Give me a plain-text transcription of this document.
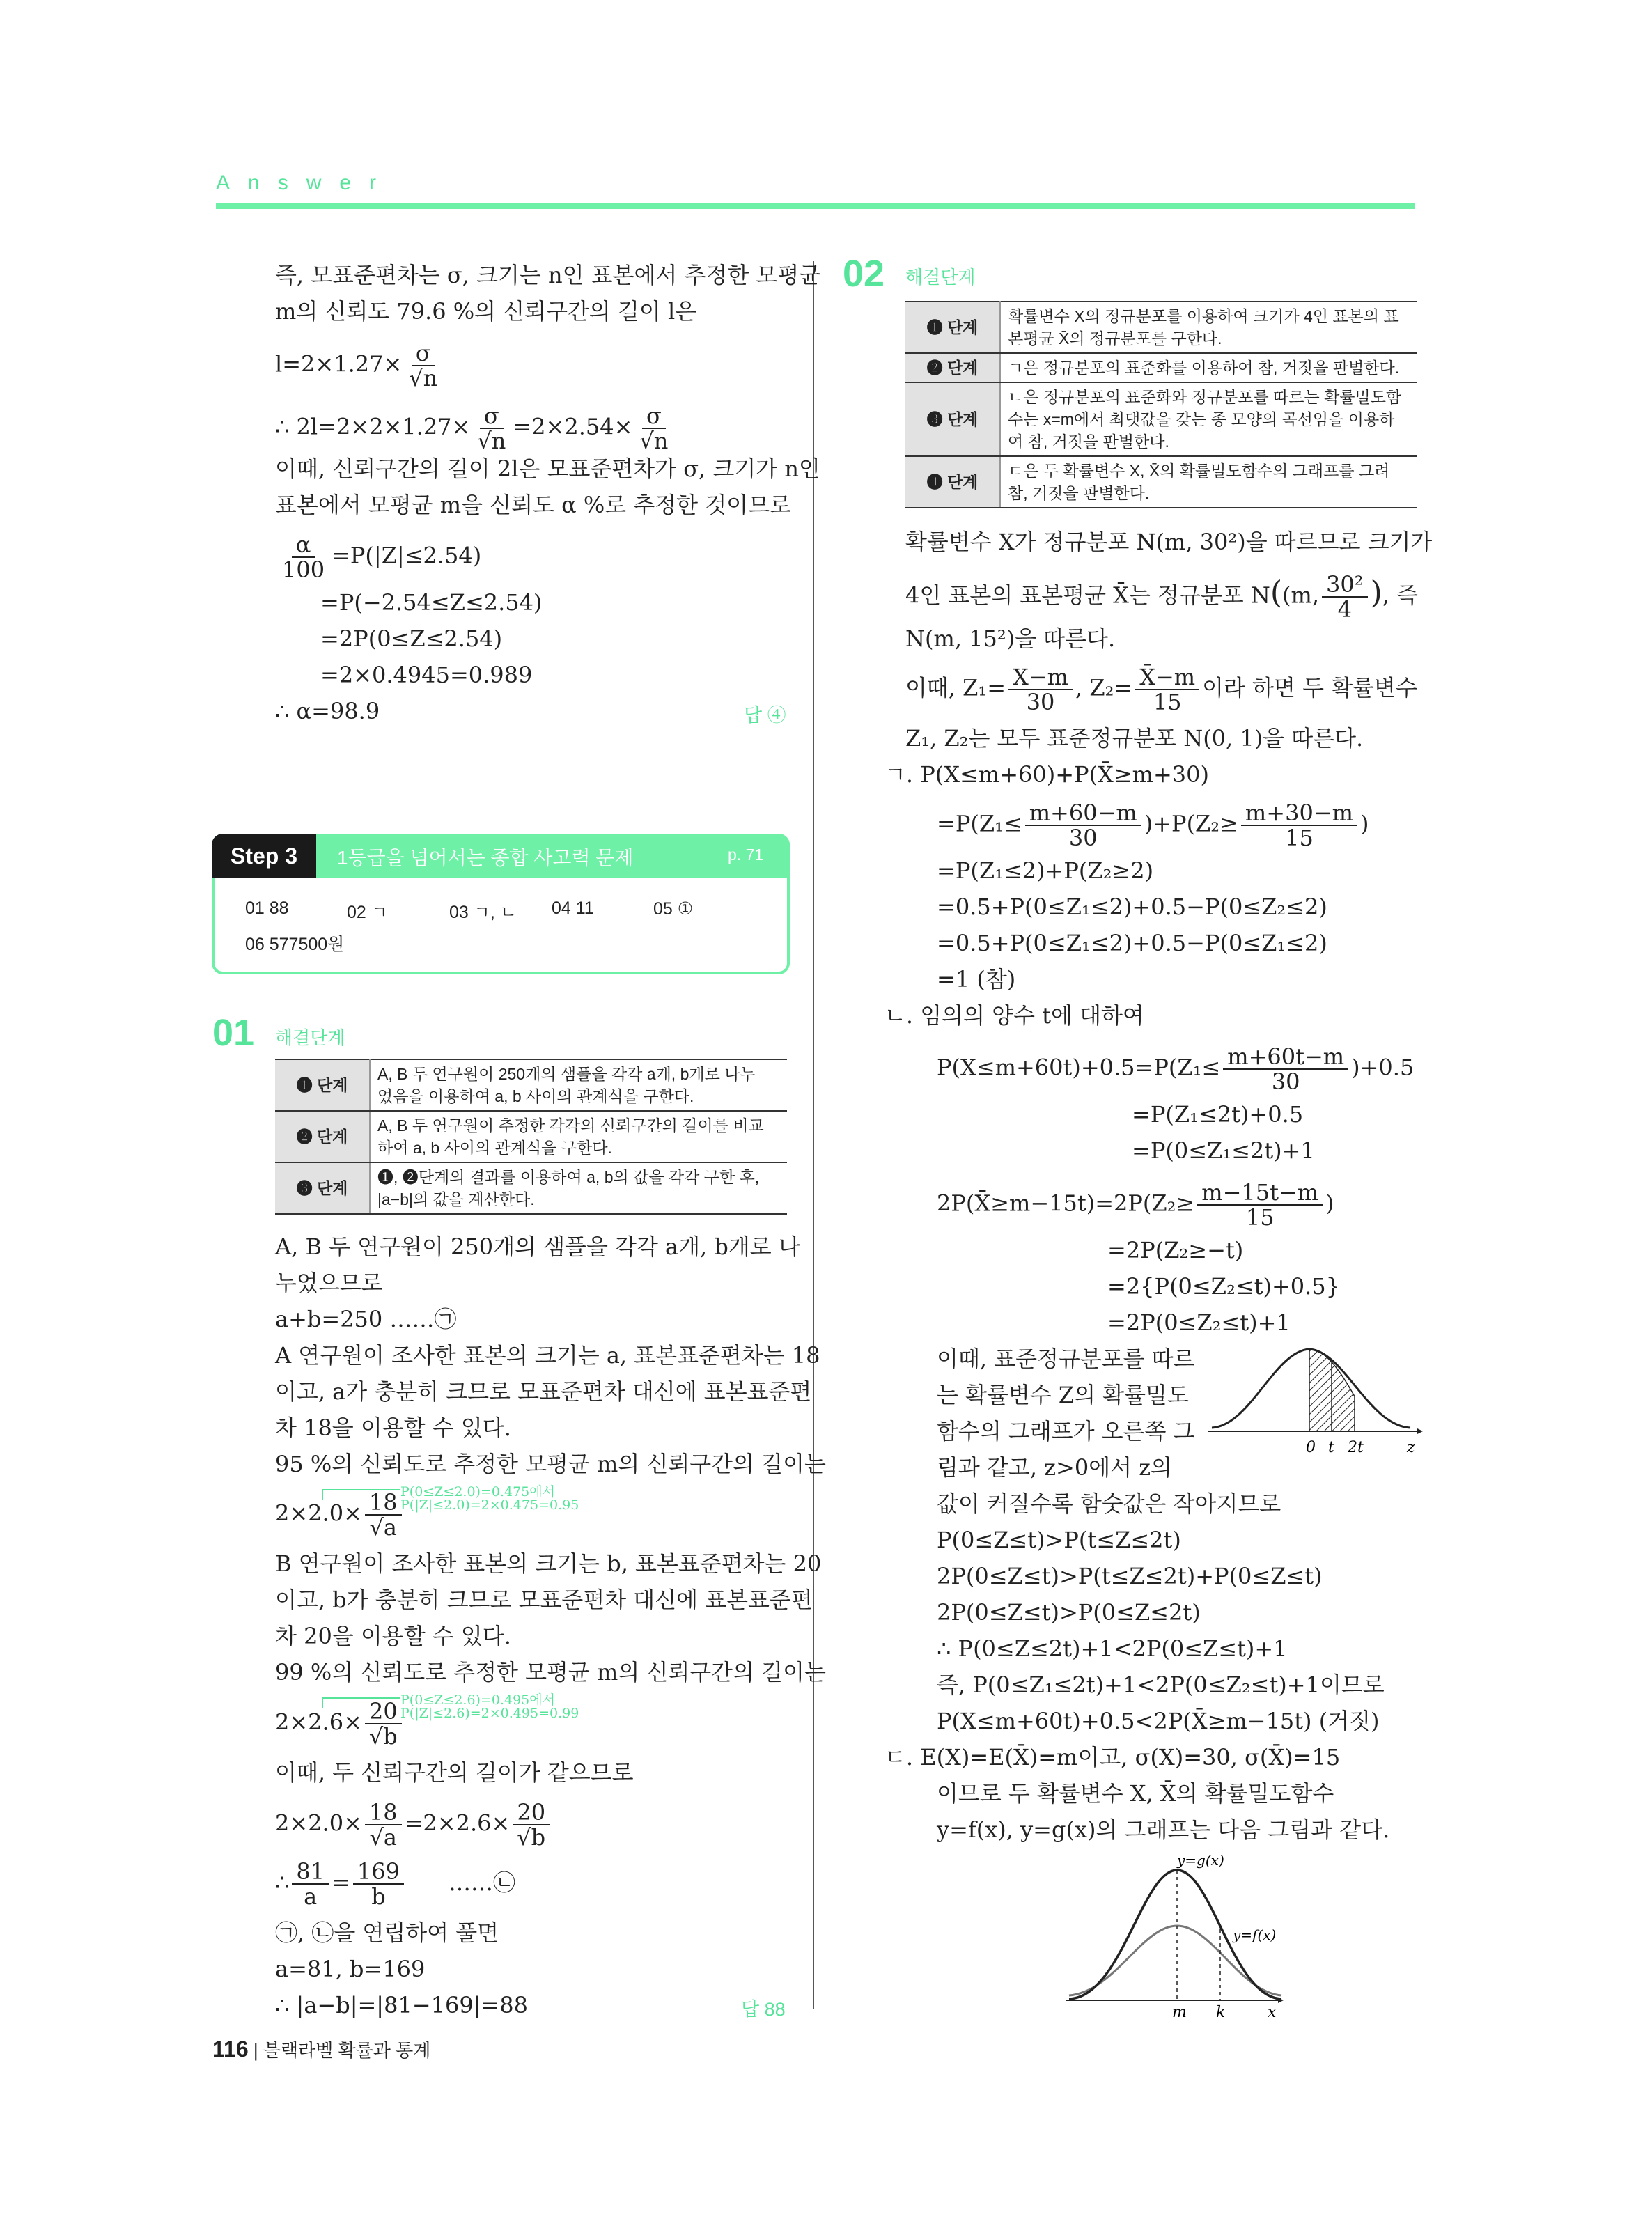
Answer
즉, 모표준편차는 σ, 크기는 n인 표본에서 추정한 모평균
m의 신뢰도 79.6 %의 신뢰구간의 길이 l은
$l=2\times 1.27\times \frac{\sigma}{√n}$
∴ $2l=2\times 2\times 1.27\times \frac{\sigma}{√n} =2\times 2.54\times \frac{\sigma}{√n}$
이때, 신뢰구간의 길이 2l은 모표준편차가 σ, 크기가 n인
표본에서 모평균 m을 신뢰도 α %로 추정한 것이므로
$\frac{\alpha}{100} =P(|Z|\le 2.54)$
=P(−2.54≤Z≤2.54)
=2P(0≤Z≤2.54)
=2×0.4945=0.989
∴ α=98.9	답 ④
Step 3	1등급을 넘어서는 종합 사고력 문제	p. 71
01 88	02 ㄱ	03 ㄱ, ㄴ 04 11	05 ①
06 577500원
01 해결단계
❶ 단계	A, B 두 연구원이 250개의 샘플을 각각 a개, b개로 나누
었음을 이용하여 a, b 사이의 관계식을 구한다.

❷ 단계	A, B 두 연구원이 추정한 각각의 신뢰구간의 길이를 비교
하여 a, b 사이의 관계식을 구한다.

❸ 단계	❶, ❷단계의 결과를 이용하여 a, b의 값을 각각 구한 후,
|a−b|의 값을 계산한다.
A, B 두 연구원이 250개의 샘플을 각각 a개, b개로 나
누었으므로
a+b=250 ……㉠
A 연구원이 조사한 표본의 크기는 a, 표본표준편차는 18
이고, a가 충분히 크므로 모표준편차 대신에 표본표준편
차 18을 이용할 수 있다.
95 %의 신뢰도로 추정한 모평균 m의 신뢰구간의 길이는
P(0≤Z≤2.0)=0.475에서
P(|Z|≤2.0)=2×0.475=0.95
$2\times 2.0\times \frac{18}{√a}$
B 연구원이 조사한 표본의 크기는 b, 표본표준편차는 20
이고, b가 충분히 크므로 모표준편차 대신에 표본표준편
차 20을 이용할 수 있다.
99 %의 신뢰도로 추정한 모평균 m의 신뢰구간의 길이는
P(0≤Z≤2.6)=0.495에서
P(|Z|≤2.6)=2×0.495=0.99
$2\times 2.6\times \frac{20}{√b}$
이때, 두 신뢰구간의 길이가 같으므로
$2\times 2.0\times \frac{18}{√a} =2\times 2.6\times \frac{20}{√b}$
∴ $\frac{81}{a} = \frac{169}{b}$ ……㉡
㉠, ㉡을 연립하여 풀면
a=81, b=169
∴ |a−b|=|81−169|=88	답 88
02 해결단계
❶ 단계	확률변수 X의 정규분포를 이용하여 크기가 4인 표본의 표
본평균 X̄의 정규분포를 구한다.

❷ 단계	ㄱ은 정규분포의 표준화를 이용하여 참, 거짓을 판별한다.

❸ 단계	ㄴ은 정규분포의 표준화와 정규분포를 따르는 확률밀도함
수는 x=m에서 최댓값을 갖는 종 모양의 곡선임을 이용하
여 참, 거짓을 판별한다.

❹ 단계	ㄷ은 두 확률변수 X, X̄의 확률밀도함수의 그래프를 그려
참, 거짓을 판별한다.
확률변수 X가 정규분포 N(m, 30²)을 따르므로 크기가
4인 표본의 표본평균 X̄는 정규분포 N((m, $\frac{\text{30²}}{4}$ ), 즉
N(m, 15²)을 따른다.
이때, $Z_1= \frac{X-m}{30}$ , $Z_2= \frac{X̄-m}{15}$ 이라 하면 두 확률변수
Z₁, Z₂는 모두 표준정규분포 N(0, 1)을 따른다.
ㄱ. P(X≤m+60)+P(X̄≥m+30)
$=P(Z_1\le \frac{m+60-m}{30} )+P(Z_2\ge \frac{m+30-m}{15}$ )
=P(Z₁≤2)+P(Z₂≥2)
=0.5+P(0≤Z₁≤2)+0.5−P(0≤Z₂≤2)
=0.5+P(0≤Z₁≤2)+0.5−P(0≤Z₁≤2)
=1 (참)
ㄴ. 임의의 양수 t에 대하여
$P(X\le m+60t)+0.5=P(Z_1\le \frac{m+60t-m}{30} )+0.5$
=P(Z₁≤2t)+0.5
=P(0≤Z₁≤2t)+1
2P(X̄≥m−15t)=2P(Z₂≥ $\frac{m-15t-m}{15}$ )
=2P(Z₂≥−t)
=2{P(0≤Z₂≤t)+0.5}
=2P(0≤Z₂≤t)+1
이때, 표준정규분포를 따르
는 확률변수 Z의 확률밀도
함수의 그래프가 오른쪽 그
림과 같고, z>0에서 z의
값이 커질수록 함숫값은 작아지므로
P(0≤Z≤t)>P(t≤Z≤2t)
2P(0≤Z≤t)>P(t≤Z≤2t)+P(0≤Z≤t)
2P(0≤Z≤t)>P(0≤Z≤2t)
∴ P(0≤Z≤2t)+1<2P(0≤Z≤t)+1
즉, P(0≤Z₁≤2t)+1<2P(0≤Z₂≤t)+1이므로
P(X≤m+60t)+0.5<2P(X̄≥m−15t) (거짓)
ㄷ. E(X)=E(X̄)=m이고, σ(X)=30, σ(X̄)=15
이므로 두 확률변수 X, X̄의 확률밀도함수
y=f(x), y=g(x)의 그래프는 다음 그림과 같다.
0 t 2t	z
y=g(x)
y=f(x)
m k	x
116 | 블랙라벨 확률과 통계
